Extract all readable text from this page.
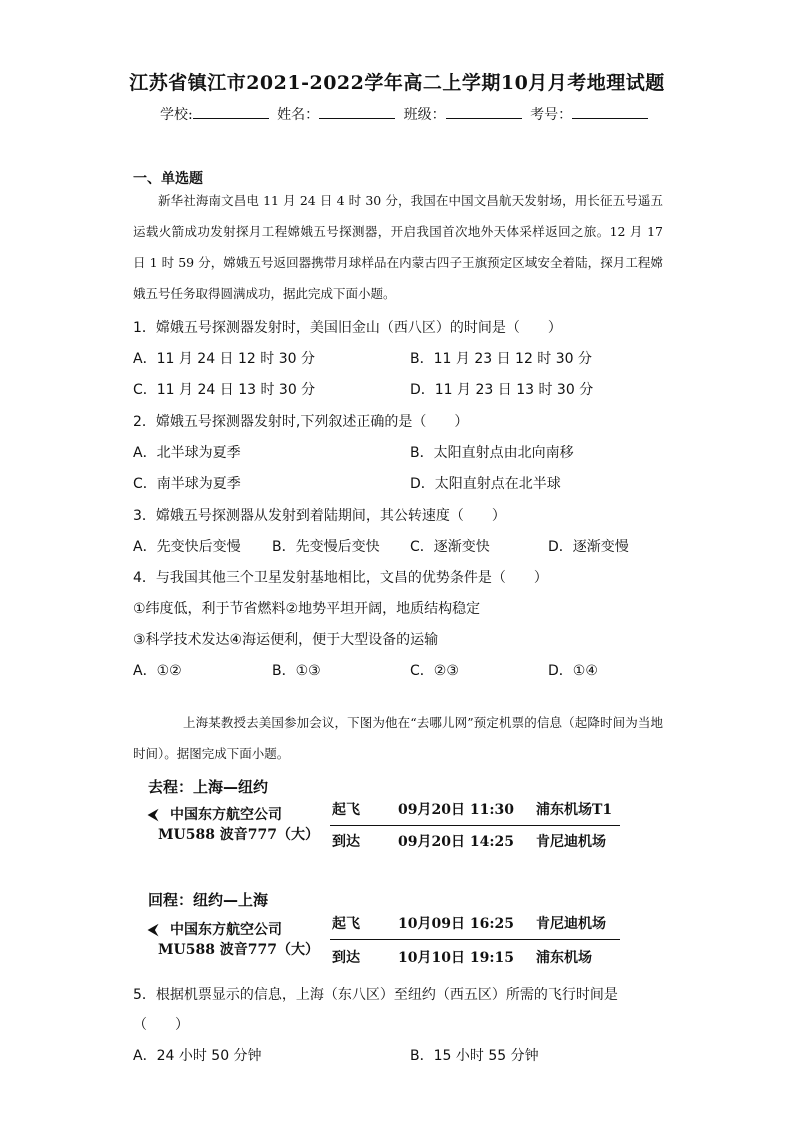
江苏省镇江市2021-2022学年高二上学期10月月考地理试题
学校:	姓名：	班级：	考号：
一、单选题
新华社海南文昌电 11 月 24 日 4 时 30 分，我国在中国文昌航天发射场，用长征五号遥五运载火箭成功发射探月工程嫦娥五号探测器，开启我国首次地外天体采样返回之旅。12 月 17 日 1 时 59 分，嫦娥五号返回器携带月球样品在内蒙古四子王旗预定区域安全着陆，探月工程嫦娥五号任务取得圆满成功，据此完成下面小题。
1．嫦娥五号探测器发射时，美国旧金山（西八区）的时间是（　　）
A．11 月 24 日 12 时 30 分	B．11 月 23 日 12 时 30 分
C．11 月 24 日 13 时 30 分	D．11 月 23 日 13 时 30 分
2．嫦娥五号探测器发射时,下列叙述正确的是（　　）
A．北半球为夏季	B．太阳直射点由北向南移
C．南半球为夏季	D．太阳直射点在北半球
3．嫦娥五号探测器从发射到着陆期间，其公转速度（　　）
A．先变快后变慢 B．先变慢后变快 C．逐渐变快	D．逐渐变慢
4．与我国其他三个卫星发射基地相比，文昌的优势条件是（　　）
①纬度低，利于节省燃料②地势平坦开阔，地质结构稳定
③科学技术发达④海运便利，便于大型设备的运输
A．①②	B．①③	C．②③	D．①④
上海某教授去美国参加会议，下图为他在“去哪儿网”预定机票的信息（起降时间为当地时间）。据图完成下面小题。
去程：上海—纽约
⮜ 中国东方航空公司
MU588 波音777（大）
起飞	09月20日 11:30 浦东机场T1
到达	09月20日 14:25 肯尼迪机场
回程：纽约—上海
⮜ 中国东方航空公司
MU588 波音777（大）
起飞	10月09日 16:25 肯尼迪机场
到达	10月10日 19:15 浦东机场
5．根据机票显示的信息，上海（东八区）至纽约（西五区）所需的飞行时间是
（　　）
A．24 小时 50 分钟	B．15 小时 55 分钟
